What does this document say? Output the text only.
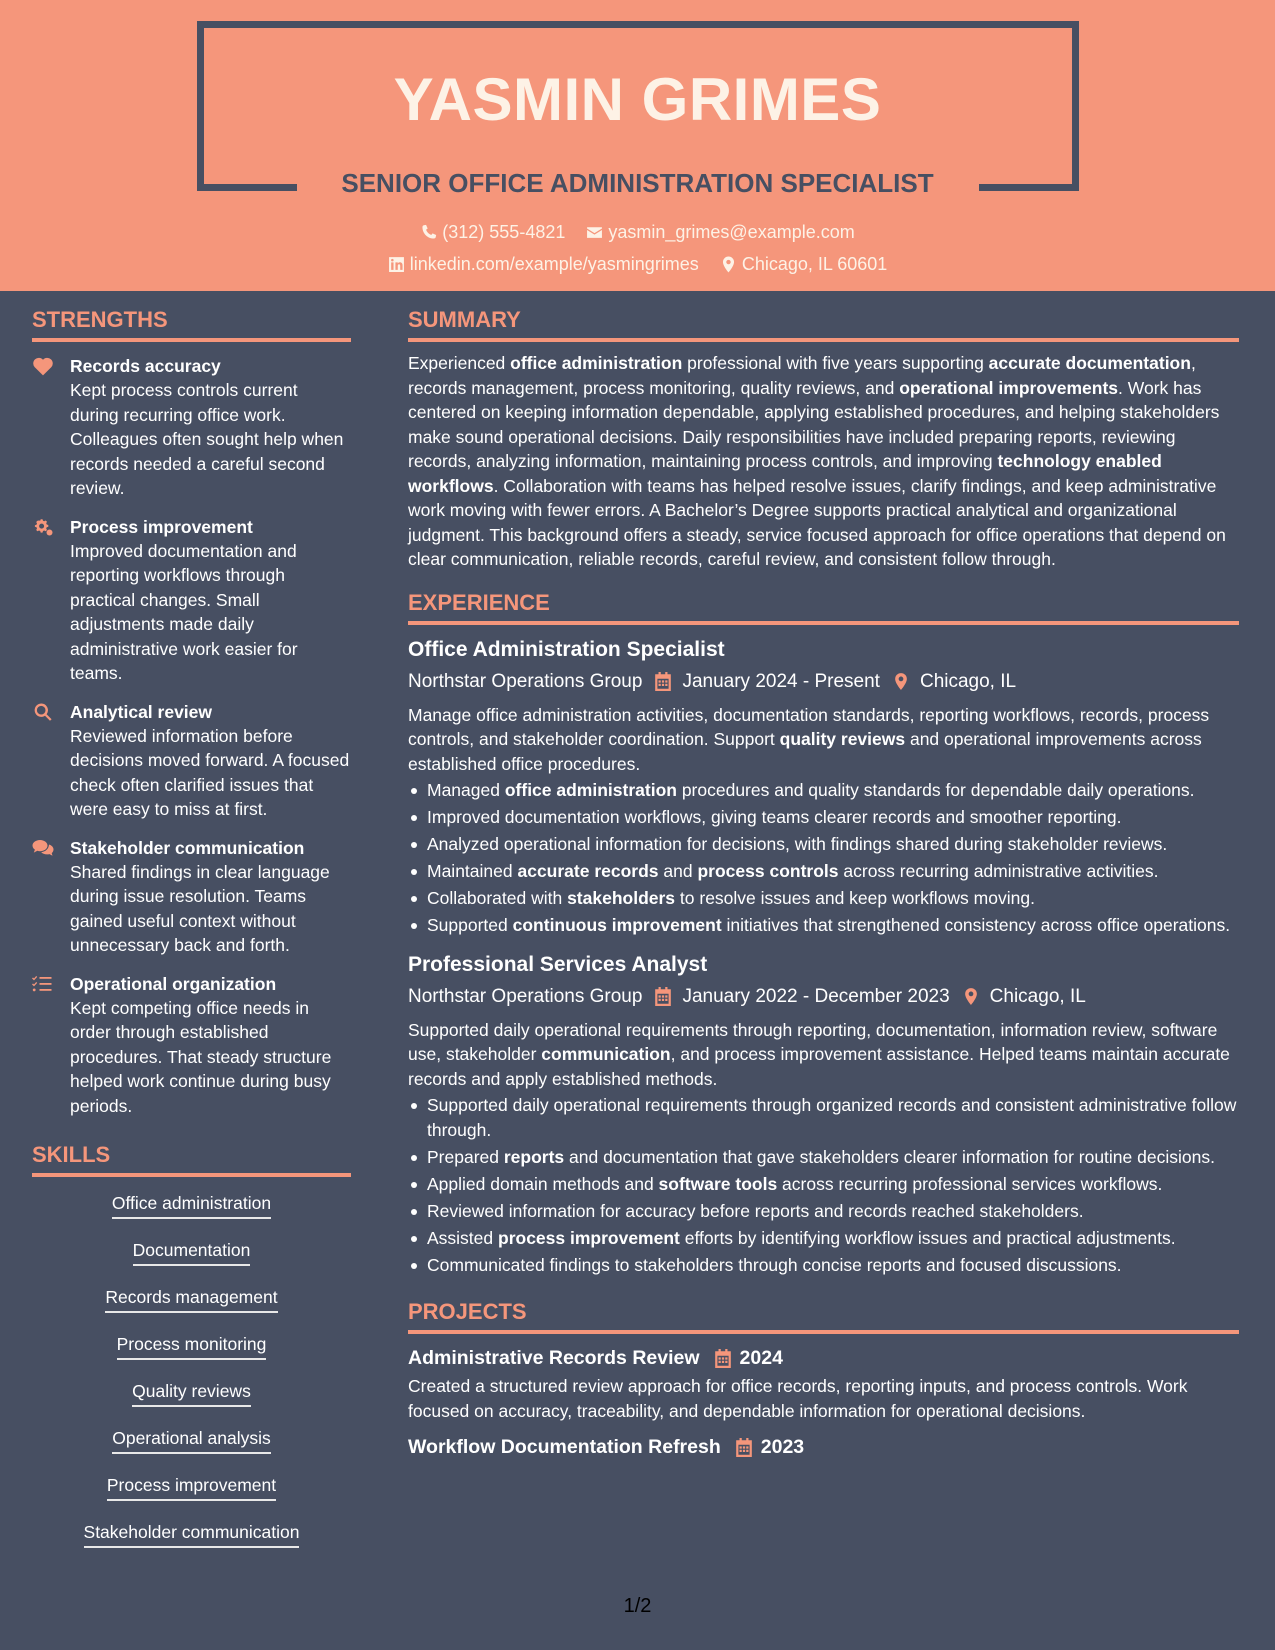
YASMIN GRIMES
SENIOR OFFICE ADMINISTRATION SPECIALIST
(312) 555-4821
yasmin_grimes@example.com
linkedin.com/example/yasmingrimes
Chicago, IL 60601
STRENGTHS
Records accuracy
Kept process controls current during recurring office work. Colleagues often sought help when records needed a careful second review.
Process improvement
Improved documentation and reporting workflows through practical changes. Small adjustments made daily administrative work easier for teams.
Analytical review
Reviewed information before decisions moved forward. A focused check often clarified issues that were easy to miss at first.
Stakeholder communication
Shared findings in clear language during issue resolution. Teams gained useful context without unnecessary back and forth.
Operational organization
Kept competing office needs in order through established procedures. That steady structure helped work continue during busy periods.
SKILLS
Office administration
Documentation
Records management
Process monitoring
Quality reviews
Operational analysis
Process improvement
Stakeholder communication
SUMMARY
Experienced office administration professional with five years supporting accurate documentation, records management, process monitoring, quality reviews, and operational improvements. Work has centered on keeping information dependable, applying established procedures, and helping stakeholders make sound operational decisions. Daily responsibilities have included preparing reports, reviewing records, analyzing information, maintaining process controls, and improving technology enabled workflows. Collaboration with teams has helped resolve issues, clarify findings, and keep administrative work moving with fewer errors. A Bachelor’s Degree supports practical analytical and organizational judgment. This background offers a steady, service focused approach for office operations that depend on clear communication, reliable records, careful review, and consistent follow through.
EXPERIENCE
Office Administration Specialist
Northstar Operations Group January 2024 - Present Chicago, IL
Manage office administration activities, documentation standards, reporting workflows, records, process controls, and stakeholder coordination. Support quality reviews and operational improvements across established office procedures.
Managed office administration procedures and quality standards for dependable daily operations.
Improved documentation workflows, giving teams clearer records and smoother reporting.
Analyzed operational information for decisions, with findings shared during stakeholder reviews.
Maintained accurate records and process controls across recurring administrative activities.
Collaborated with stakeholders to resolve issues and keep workflows moving.
Supported continuous improvement initiatives that strengthened consistency across office operations.
Professional Services Analyst
Northstar Operations Group January 2022 - December 2023 Chicago, IL
Supported daily operational requirements through reporting, documentation, information review, software use, stakeholder communication, and process improvement assistance. Helped teams maintain accurate records and apply established methods.
Supported daily operational requirements through organized records and consistent administrative follow through.
Prepared reports and documentation that gave stakeholders clearer information for routine decisions.
Applied domain methods and software tools across recurring professional services workflows.
Reviewed information for accuracy before reports and records reached stakeholders.
Assisted process improvement efforts by identifying workflow issues and practical adjustments.
Communicated findings to stakeholders through concise reports and focused discussions.
PROJECTS
Administrative Records Review 2024
Created a structured review approach for office records, reporting inputs, and process controls. Work focused on accuracy, traceability, and dependable information for operational decisions.
Workflow Documentation Refresh 2023
1/2
